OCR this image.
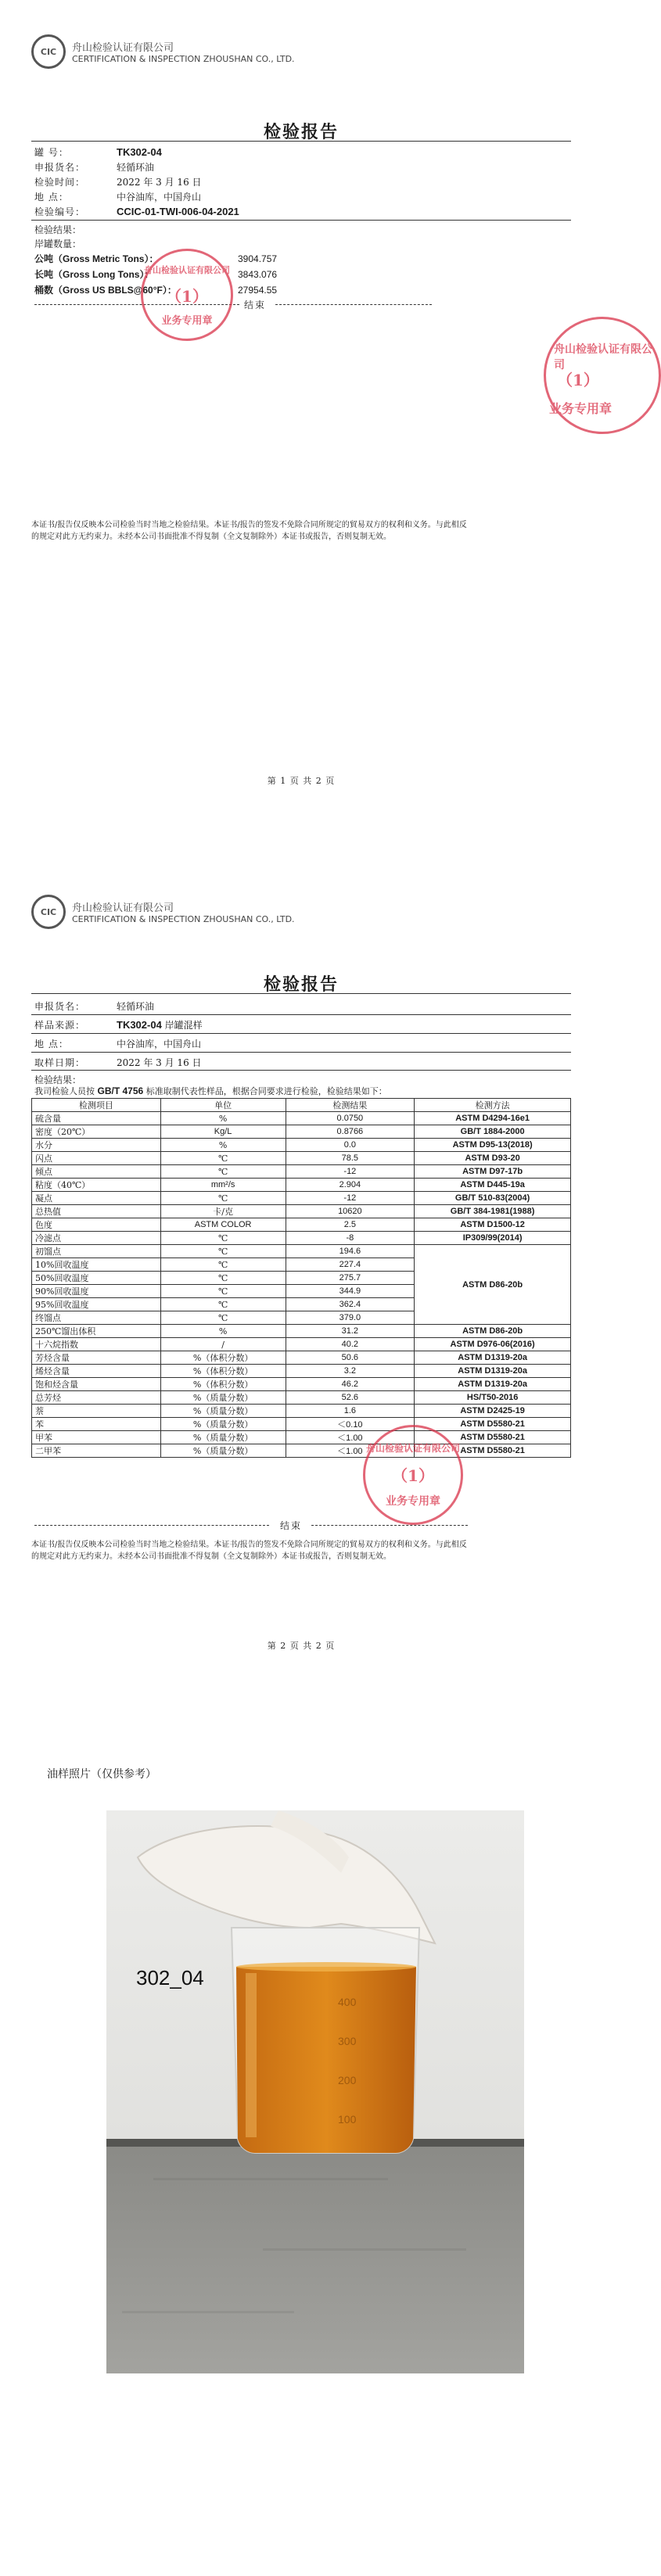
CIC	舟山检验认证有限公司
CERTIFICATION & INSPECTION ZHOUSHAN CO., LTD.
检验报告
罐 号：	TK302-04
申报货名：	轻循环油
检验时间：	2022 年 3 月 16 日
地 点：	中谷油库，中国舟山
检验编号：	CCIC-01-TWI-006-04-2021
检验结果：
岸罐数量：
公吨（Gross Metric Tons）：	3904.757
长吨（Gross Long Tons）：	3843.076
桶数（Gross US BBLS@60°F）：	27954.55
结束
舟山检验认证有限公司
（1）
业务专用章
舟山检验认证有限公司
（1）
业务专用章
本证书/报告仅反映本公司检验当时当地之检验结果。本证书/报告的签发不免除合同所规定的貿易双方的权利和义务。与此相反
的规定对此方无约束力。未经本公司书面批准不得复制（全文复制除外）本证书或报告，否则复制无效。
第 1 页 共 2 页
CIC	舟山检验认证有限公司
CERTIFICATION & INSPECTION ZHOUSHAN CO., LTD.
检验报告
申报货名：	轻循环油
样品来源：	TK302-04 岸罐混样
地 点：	中谷油库，中国舟山
取样日期：	2022 年 3 月 16 日
检验结果：
我司检验人员按 GB/T 4756 标准取制代表性样品，根据合同要求进行检验，检验结果如下：
检测项目	单位	检测结果	检测方法
硫含量	%	0.0750	ASTM D4294-16e1
密度（20℃）	Kg/L	0.8766	GB/T 1884-2000
水分	%	0.0	ASTM D95-13(2018)
闪点	℃	78.5	ASTM D93-20
倾点	℃	-12	ASTM D97-17b
粘度（40℃）	mm²/s	2.904	ASTM D445-19a
凝点	℃	-12	GB/T 510-83(2004)
总热值	卡/克	10620	GB/T 384-1981(1988)
色度	ASTM COLOR	2.5	ASTM D1500-12
冷滤点	℃	-8	IP309/99(2014)
初馏点	℃	194.6	ASTM D86-20b
10%回收温度	℃	227.4	
50%回收温度	℃	275.7	
90%回收温度	℃	344.9	
95%回收温度	℃	362.4	
终馏点	℃	379.0	
250℃馏出体积	%	31.2	ASTM D86-20b
十六烷指数	/	40.2	ASTM D976-06(2016)
芳烃含量	%（体积分数）	50.6	ASTM D1319-20a
烯烃含量	%（体积分数）	3.2	ASTM D1319-20a
饱和烃含量	%（体积分数）	46.2	ASTM D1319-20a
总芳烃	%（质量分数）	52.6	HS/T50-2016
萘	%（质量分数）	1.6	ASTM D2425-19
苯	%（质量分数）	＜0.10	ASTM D5580-21
甲苯	%（质量分数）	＜1.00	ASTM D5580-21
二甲苯	%（质量分数）	＜1.00	ASTM D5580-21
结束
舟山检验认证有限公司
（1）
业务专用章
本证书/报告仅反映本公司检验当时当地之检验结果。本证书/报告的签发不免除合同所规定的貿易双方的权利和义务。与此相反
的规定对此方无约束力。未经本公司书面批准不得复制（全文复制除外）本证书或报告，否则复制无效。
第 2 页 共 2 页
油样照片（仅供参考）
400
300
200
100
302_04
